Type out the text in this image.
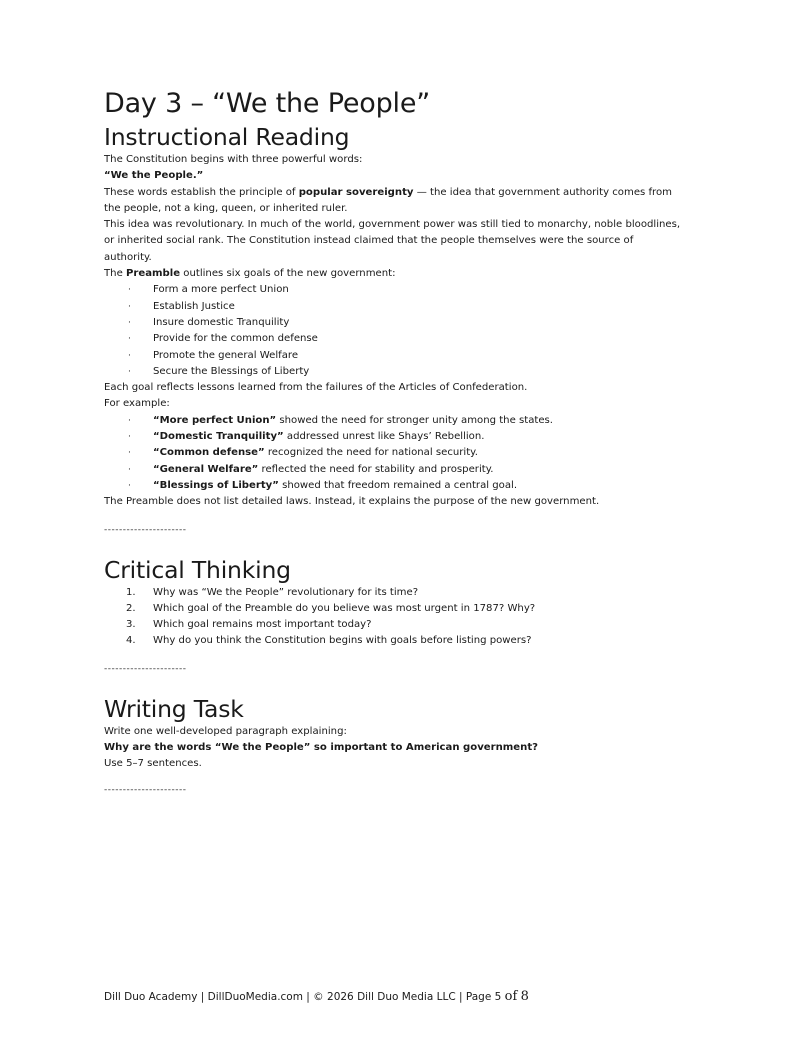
Day 3 – “We the People”
Instructional Reading

The Constitution begins with three powerful words:

“We the People.”

These words establish the principle of popular sovereignty — the idea that government authority comes from the people, not a king, queen, or inherited ruler.

This idea was revolutionary. In much of the world, government power was still tied to monarchy, noble bloodlines, or inherited social rank. The Constitution instead claimed that the people themselves were the source of authority.

The Preamble outlines six goals of the new government:

· Form a more perfect Union
· Establish Justice
· Insure domestic Tranquility
· Provide for the common defense
· Promote the general Welfare
· Secure the Blessings of Liberty

Each goal reflects lessons learned from the failures of the Articles of Confederation.

For example:

· “More perfect Union” showed the need for stronger unity among the states.
· “Domestic Tranquility” addressed unrest like Shays’ Rebellion.
· “Common defense” recognized the need for national security.
· “General Welfare” reflected the need for stability and prosperity.
· “Blessings of Liberty” showed that freedom remained a central goal.

The Preamble does not list detailed laws. Instead, it explains the purpose of the new government.

----------------------

Critical Thinking
1. Why was “We the People” revolutionary for its time?
2. Which goal of the Preamble do you believe was most urgent in 1787? Why?
3. Which goal remains most important today?
4. Why do you think the Constitution begins with goals before listing powers?

----------------------

Writing Task

Write one well-developed paragraph explaining:

Why are the words “We the People” so important to American government?

Use 5–7 sentences.

----------------------

Dill Duo Academy | DillDuoMedia.com | © 2026 Dill Duo Media LLC | Page 5 of 8
